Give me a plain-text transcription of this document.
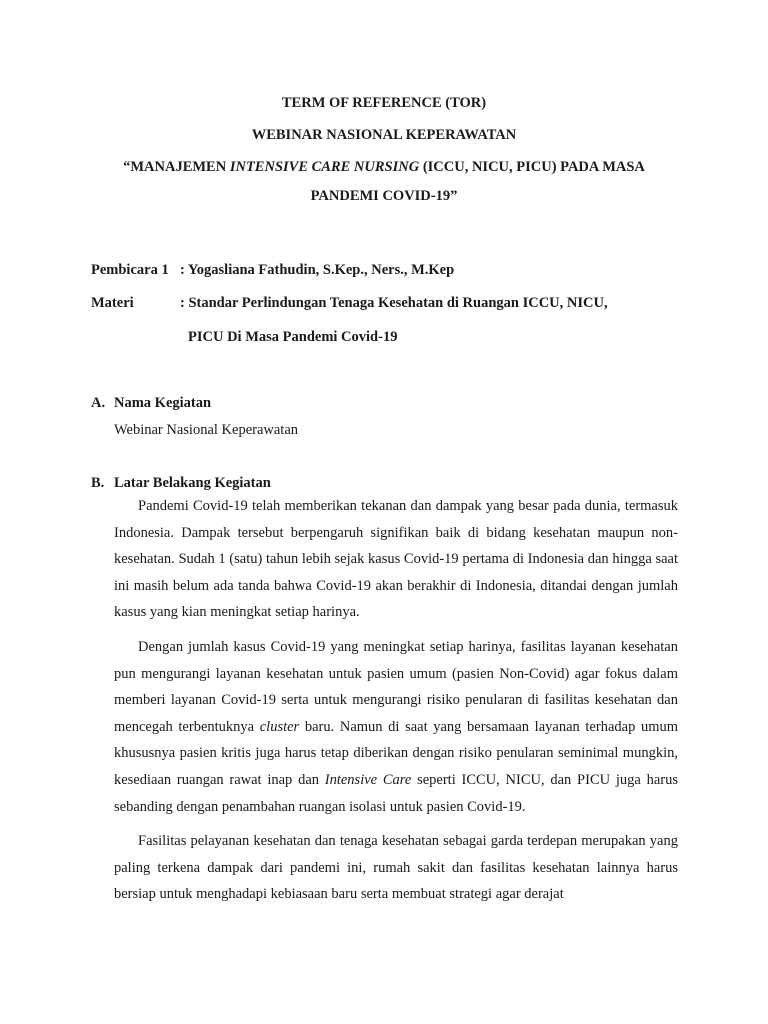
TERM OF REFERENCE (TOR)
WEBINAR NASIONAL KEPERAWATAN
“MANAJEMEN INTENSIVE CARE NURSING (ICCU, NICU, PICU) PADA MASA
PANDEMI COVID-19”
Pembicara 1 : Yogasliana Fathudin, S.Kep., Ners., M.Kep
Materi	: Standar Perlindungan Tenaga Kesehatan di Ruangan ICCU, NICU,
PICU Di Masa Pandemi Covid-19
A. Nama Kegiatan
Webinar Nasional Keperawatan
B. Latar Belakang Kegiatan

Pandemi Covid-19 telah memberikan tekanan dan dampak yang besar pada dunia, termasuk Indonesia. Dampak tersebut berpengaruh signifikan baik di bidang kesehatan maupun non-kesehatan. Sudah 1 (satu) tahun lebih sejak kasus Covid-19 pertama di Indonesia dan hingga saat ini masih belum ada tanda bahwa Covid-19 akan berakhir di Indonesia, ditandai dengan jumlah kasus yang kian meningkat setiap harinya.

Dengan jumlah kasus Covid-19 yang meningkat setiap harinya, fasilitas layanan kesehatan pun mengurangi layanan kesehatan untuk pasien umum (pasien Non-Covid) agar fokus dalam memberi layanan Covid-19 serta untuk mengurangi risiko penularan di fasilitas kesehatan dan mencegah terbentuknya cluster baru. Namun di saat yang bersamaan layanan terhadap umum khususnya pasien kritis juga harus tetap diberikan dengan risiko penularan seminimal mungkin, kesediaan ruangan rawat inap dan Intensive Care seperti ICCU, NICU, dan PICU juga harus sebanding dengan penambahan ruangan isolasi untuk pasien Covid-19.

Fasilitas pelayanan kesehatan dan tenaga kesehatan sebagai garda terdepan merupakan yang paling terkena dampak dari pandemi ini, rumah sakit dan fasilitas kesehatan lainnya harus bersiap untuk menghadapi kebiasaan baru serta membuat strategi agar derajat
